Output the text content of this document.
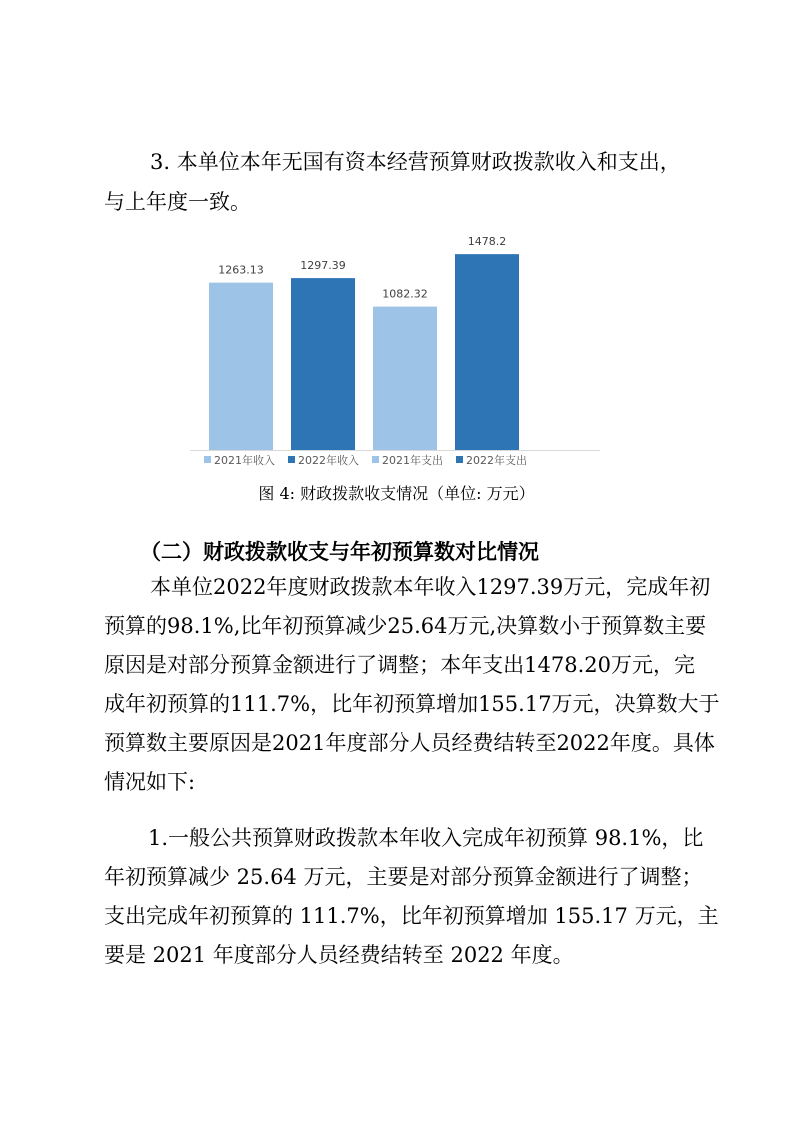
3. 本单位本年无国有资本经营预算财政拨款收入和支出，
与上年度一致。
1263.13	1297.39
1082.32
1478.2
2021年收入 2022年收入 2021年支出 2022年支出
图 4: 财政拨款收支情况（单位: 万元）
（二）财政拨款收支与年初预算数对比情况
本单位2022年度财政拨款本年收入1297.39万元，完成年初
预算的98.1%,比年初预算减少25.64万元,决算数小于预算数主要
原因是对部分预算金额进行了调整；本年支出1478.20万元，完
成年初预算的111.7%，比年初预算增加155.17万元，决算数大于
预算数主要原因是2021年度部分人员经费结转至2022年度。具体
情况如下:
1.一般公共预算财政拨款本年收入完成年初预算 98.1%，比
年初预算减少 25.64 万元，主要是对部分预算金额进行了调整；
支出完成年初预算的 111.7%，比年初预算增加 155.17 万元，主
要是 2021 年度部分人员经费结转至 2022 年度。
